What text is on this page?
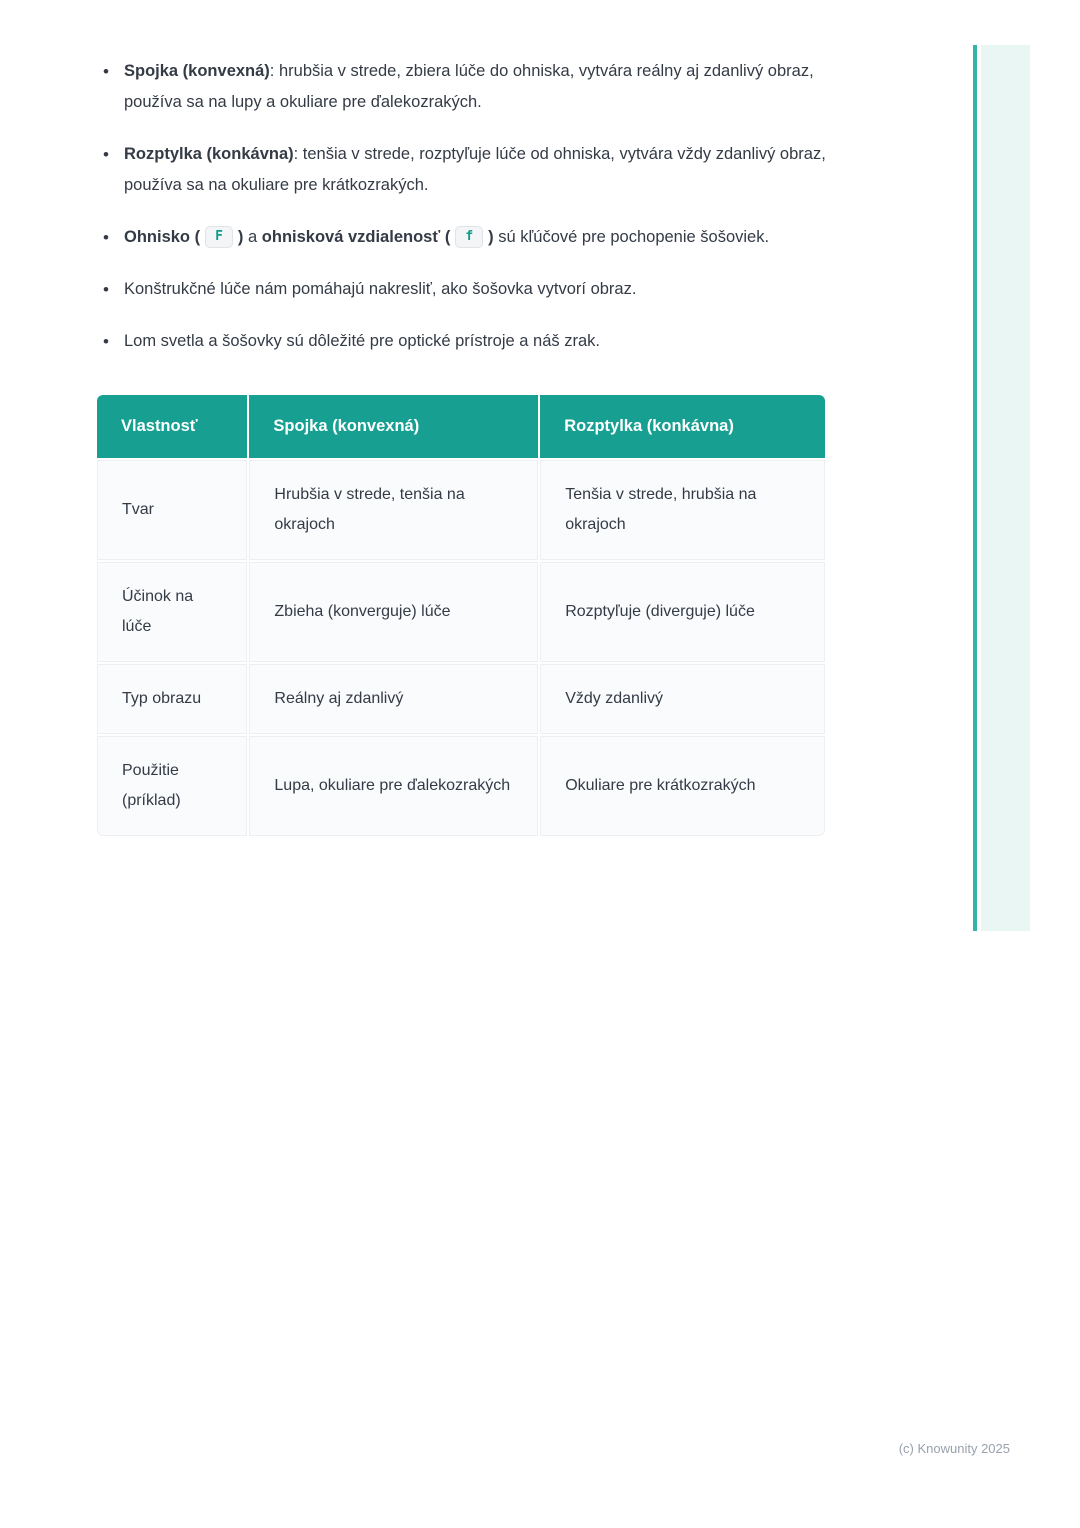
• Spojka (konvexná): hrubšia v strede, zbiera lúče do ohniska, vytvára reálny aj zdanlivý obraz, používa sa na lupy a okuliare pre ďalekozrakých.
• Rozptylka (konkávna): tenšia v strede, rozptyľuje lúče od ohniska, vytvára vždy zdanlivý obraz, používa sa na okuliare pre krátkozrakých.
• Ohnisko ( F ) a ohnisková vzdialenosť ( f ) sú kľúčové pre pochopenie šošoviek.
• Konštrukčné lúče nám pomáhajú nakresliť, ako šošovka vytvorí obraz.
• Lom svetla a šošovky sú dôležité pre optické prístroje a náš zrak.
Vlastnosť	Spojka (konvexná)	Rozptylka (konkávna)
Tvar	Hrubšia v strede, tenšia na okrajoch	Tenšia v strede, hrubšia na okrajoch
Účinok na lúče	Zbieha (konverguje) lúče	Rozptyľuje (diverguje) lúče
Typ obrazu	Reálny aj zdanlivý	Vždy zdanlivý
Použitie (príklad)	Lupa, okuliare pre ďalekozrakých	Okuliare pre krátkozrakých
(c) Knowunity 2025
